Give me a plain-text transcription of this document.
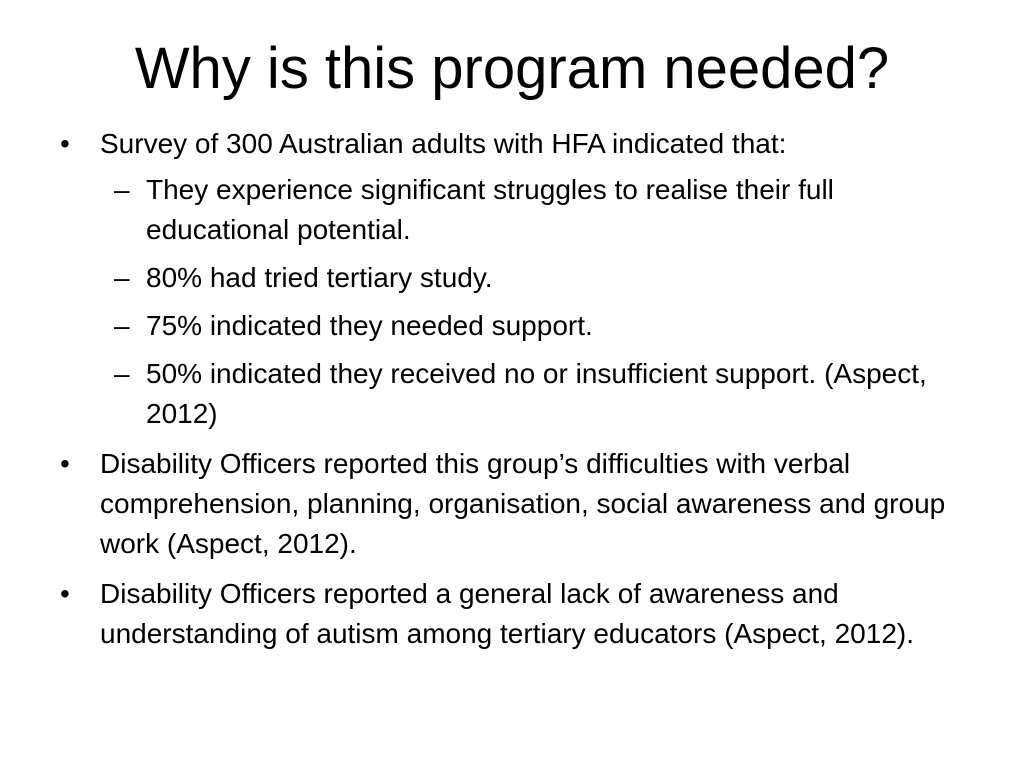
Why is this program needed?
•	Survey of 300 Australian adults with HFA indicated that:
– They experience significant struggles to realise their full educational potential.
– 80% had tried tertiary study.
– 75% indicated they needed support.
– 50% indicated they received no or insufficient support. (Aspect, 2012)
•	Disability Officers reported this group’s difficulties with verbal comprehension, planning, organisation, social awareness and group work (Aspect, 2012).
•	Disability Officers reported a general lack of awareness and understanding of autism among tertiary educators (Aspect, 2012).
